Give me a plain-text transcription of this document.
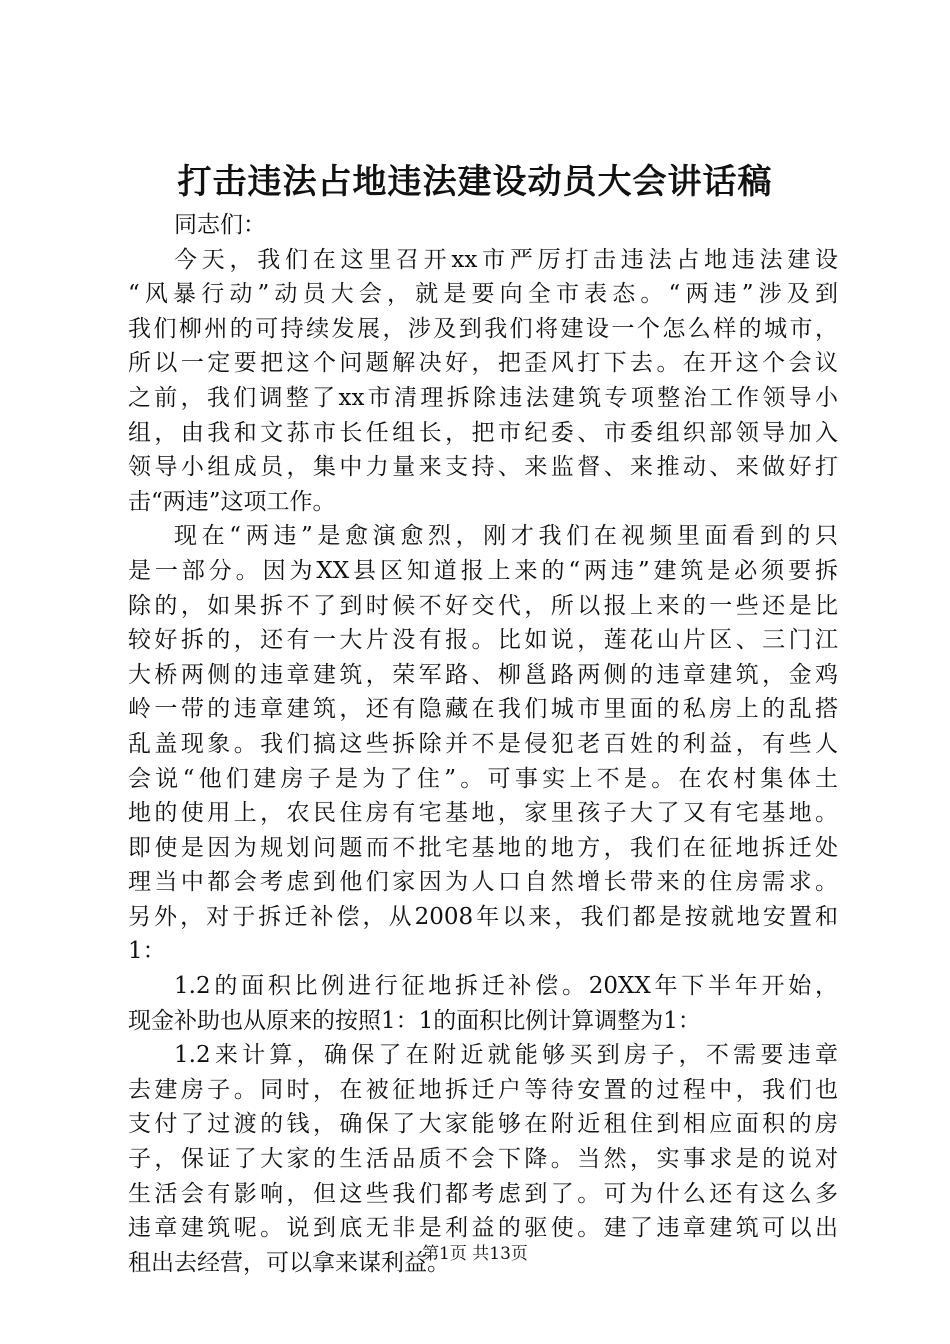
打击违法占地违法建设动员大会讲话稿
同志们：
今天，我们在这里召开xx市严厉打击违法占地违法建设
“风暴行动”动员大会，就是要向全市表态。“两违”涉及到
我们柳州的可持续发展，涉及到我们将建设一个怎么样的城市，
所以一定要把这个问题解决好，把歪风打下去。在开这个会议
之前，我们调整了xx市清理拆除违法建筑专项整治工作领导小
组，由我和文荪市长任组长，把市纪委、市委组织部领导加入
领导小组成员，集中力量来支持、来监督、来推动、来做好打
击“两违”这项工作。
现在“两违”是愈演愈烈，刚才我们在视频里面看到的只
是一部分。因为XX县区知道报上来的“两违”建筑是必须要拆
除的，如果拆不了到时候不好交代，所以报上来的一些还是比
较好拆的，还有一大片没有报。比如说，莲花山片区、三门江
大桥两侧的违章建筑，荣军路、柳邕路两侧的违章建筑，金鸡
岭一带的违章建筑，还有隐藏在我们城市里面的私房上的乱搭
乱盖现象。我们搞这些拆除并不是侵犯老百姓的利益，有些人
会说“他们建房子是为了住”。可事实上不是。在农村集体土
地的使用上，农民住房有宅基地，家里孩子大了又有宅基地。
即使是因为规划问题而不批宅基地的地方，我们在征地拆迁处
理当中都会考虑到他们家因为人口自然增长带来的住房需求。
另外，对于拆迁补偿，从2008年以来，我们都是按就地安置和
1：
1.2的面积比例进行征地拆迁补偿。20XX年下半年开始，
现金补助也从原来的按照1：1的面积比例计算调整为1：
1.2来计算，确保了在附近就能够买到房子，不需要违章
去建房子。同时，在被征地拆迁户等待安置的过程中，我们也
支付了过渡的钱，确保了大家能够在附近租住到相应面积的房
子，保证了大家的生活品质不会下降。当然，实事求是的说对
生活会有影响，但这些我们都考虑到了。可为什么还有这么多
违章建筑呢。说到底无非是利益的驱使。建了违章建筑可以出
租出去经营，可以拿来谋利益。
第1页 共13页
